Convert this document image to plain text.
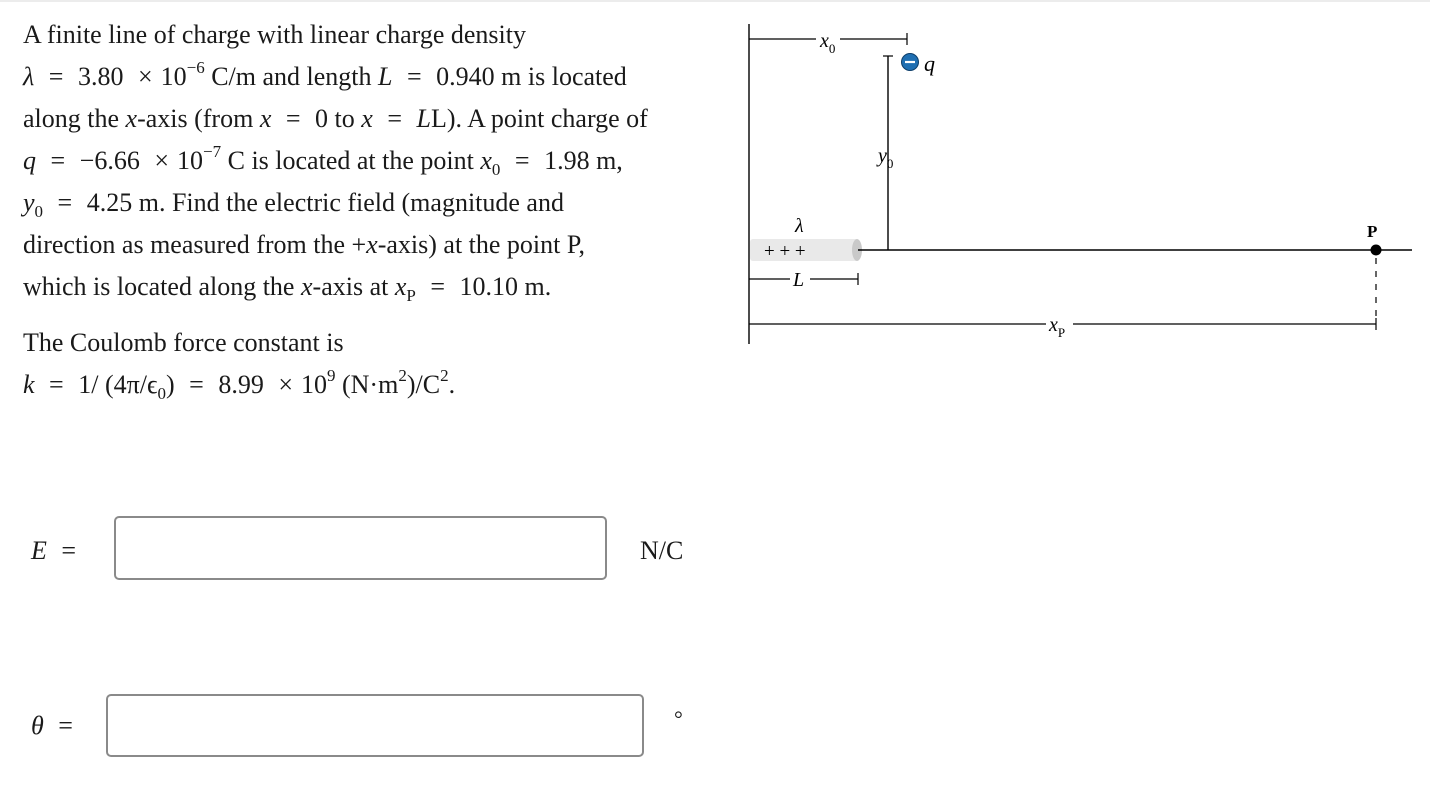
A finite line of charge with linear charge density
$\lambda = 3.80 \times 10^{-6}$ C/m and length L = 0.940 m is located
along the x-axis (from x = 0 to x = LL). A point charge of
$q = -6.66 \times 10^{-7}$ C is located at the point $x_0 = 1.98$ m,
$y_0 = 4.25$ m. Find the electric field (magnitude and
direction as measured from the +x-axis) at the point P,
which is located along the x-axis at $x_P = 10.10$ m.
The Coulomb force constant is
k = 1/ $(4\pi/\epsilon_0) = 8.99 \times 10^9$ $(N\cdot m^2)/C^2$.
E =	N/C
θ =	°
$x_0$
q
$y_0$
λ
+ + +
L
P
$x_P$
